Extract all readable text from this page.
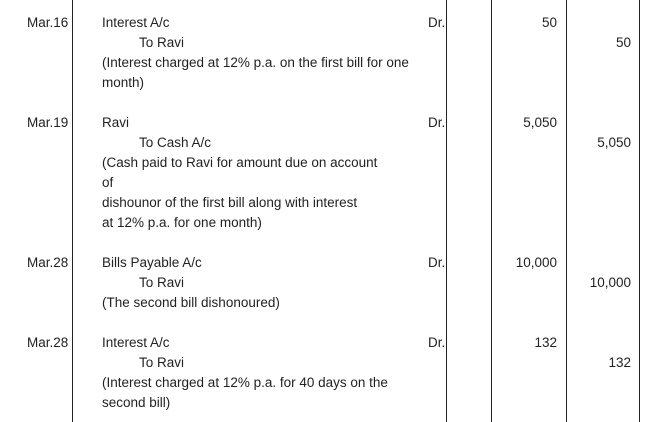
Mar.16 Interest A/c	Dr.	50
To Ravi	50
(Interest charged at 12% p.a. on the first bill for one
month)
Mar.19 Ravi	Dr.	5,050
To Cash A/c	5,050
(Cash paid to Ravi for amount due on account
of
dishounor of the first bill along with interest
at 12% p.a. for one month)
Mar.28 Bills Payable A/c	Dr.	10,000
To Ravi	10,000
(The second bill dishonoured)
Mar.28 Interest A/c	Dr.	132
To Ravi	132
(Interest charged at 12% p.a. for 40 days on the
second bill)
